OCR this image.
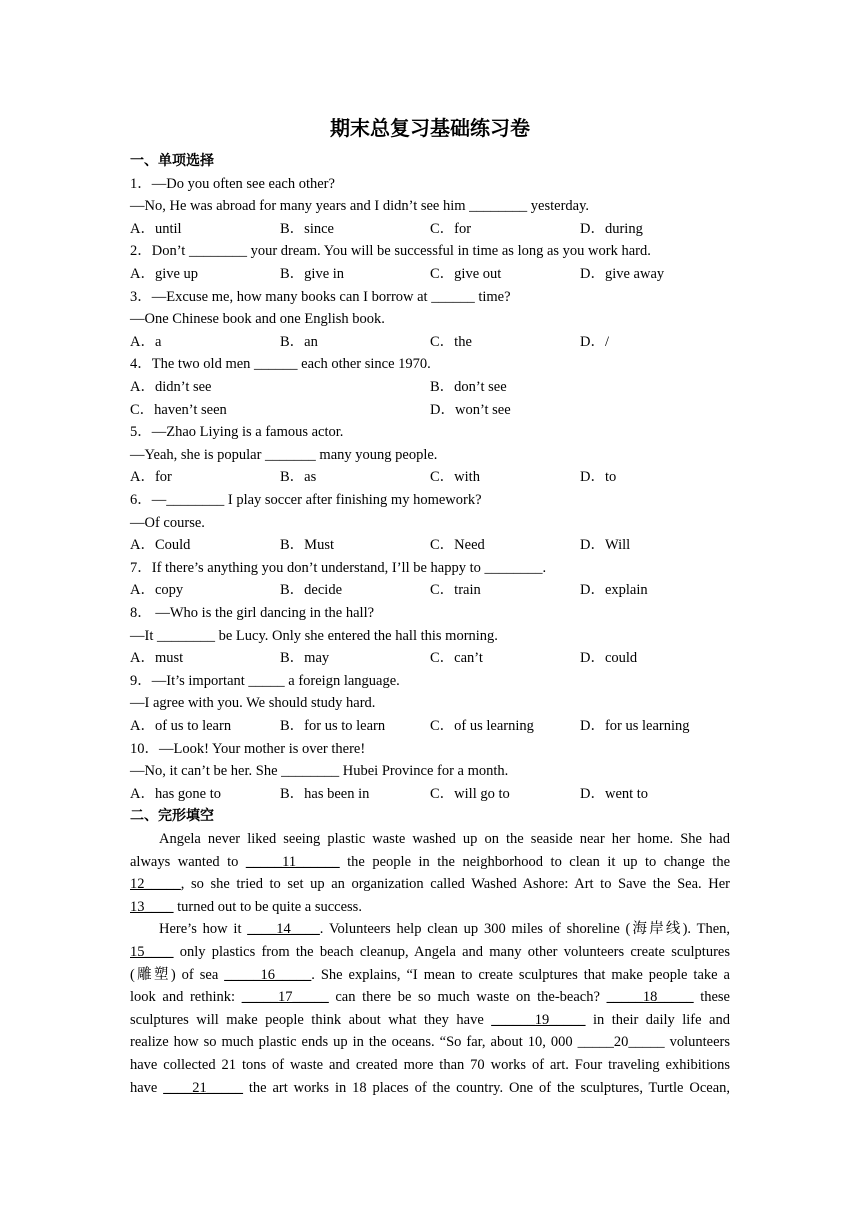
期末总复习基础练习卷
一、单项选择
1．—Do you often see each other?
—No, He was abroad for many years and I didn’t see him ________ yesterday.
A．until	B．since	C．for	D．during
2．Don’t ________ your dream. You will be successful in time as long as you work hard.
A．give up	B．give in	C．give out	D．give away
3．—Excuse me, how many books can I borrow at ______ time?
—One Chinese book and one English book.
A．a	B．an	C．the	D．/
4．The two old men ______ each other since 1970.
A．didn’t see	B．don’t see
C．haven’t seen	D．won’t see
5．—Zhao Liying is a famous actor.
—Yeah, she is popular _______ many young people.
A．for	B．as	C．with	D．to
6．—________ I play soccer after finishing my homework?
—Of course.
A．Could	B．Must	C．Need	D．Will
7．If there’s anything you don’t understand, I’ll be happy to ________.
A．copy	B．decide	C．train	D．explain
8． —Who is the girl dancing in the hall?
—It ________ be Lucy. Only she entered the hall this morning.
A．must	B．may	C．can’t	D．could
9．—It’s important _____ a foreign language.
—I agree with you. We should study hard.
A．of us to learn	B．for us to learn	C．of us learning	D．for us learning
10．—Look! Your mother is over there!
—No, it can’t be her. She ________ Hubei Province for a month.
A．has gone to	B．has been in	C．will go to	D．went to
二、完形填空
Angela never liked seeing plastic waste washed up on the seaside near her home. She had
always wanted to _____11______ the people in the neighborhood to clean it up to change the
12_____, so she tried to set up an organization called Washed Ashore: Art to Save the Sea. Her
13____ turned out to be quite a success.
Here’s how it ____14____. Volunteers help clean up 300 miles of shoreline (海岸线). Then,
15____ only plastics from the beach cleanup, Angela and many other volunteers create sculptures
(雕塑) of sea _____16_____. She explains, “I mean to create sculptures that make people take a
look and rethink: _____17_____ can there be so much waste on the-beach? _____18_____ these
sculptures will make people think about what they have ______19_____ in their daily life and
realize how so much plastic ends up in the oceans. “So far, about 10, 000 _____20_____ volunteers
have collected 21 tons of waste and created more than 70 works of art. Four traveling exhibitions
have ____21_____ the art works in 18 places of the country. One of the sculptures, Turtle Ocean,
